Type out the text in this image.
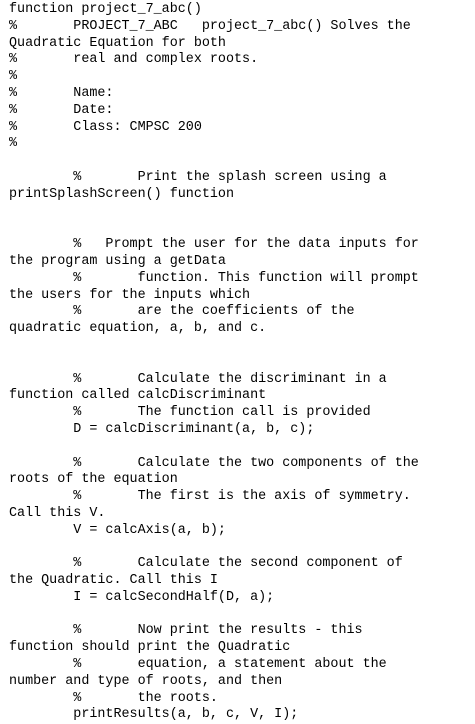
function project_7_abc()
%       PROJECT_7_ABC   project_7_abc() Solves the
Quadratic Equation for both
%       real and complex roots.
%
%       Name:
%       Date:
%       Class: CMPSC 200
%
%       Print the splash screen using a
printSplashScreen() function
%   Prompt the user for the data inputs for
the program using a getData
%       function. This function will prompt
the users for the inputs which
%       are the coefficients of the
quadratic equation, a, b, and c.
%       Calculate the discriminant in a
function called calcDiscriminant
%       The function call is provided
D = calcDiscriminant(a, b, c);
%       Calculate the two components of the
roots of the equation
%       The first is the axis of symmetry.
Call this V.
V = calcAxis(a, b);
%       Calculate the second component of
the Quadratic. Call this I
I = calcSecondHalf(D, a);
%       Now print the results - this
function should print the Quadratic
%       equation, a statement about the
number and type of roots, and then
%       the roots.
printResults(a, b, c, V, I);
